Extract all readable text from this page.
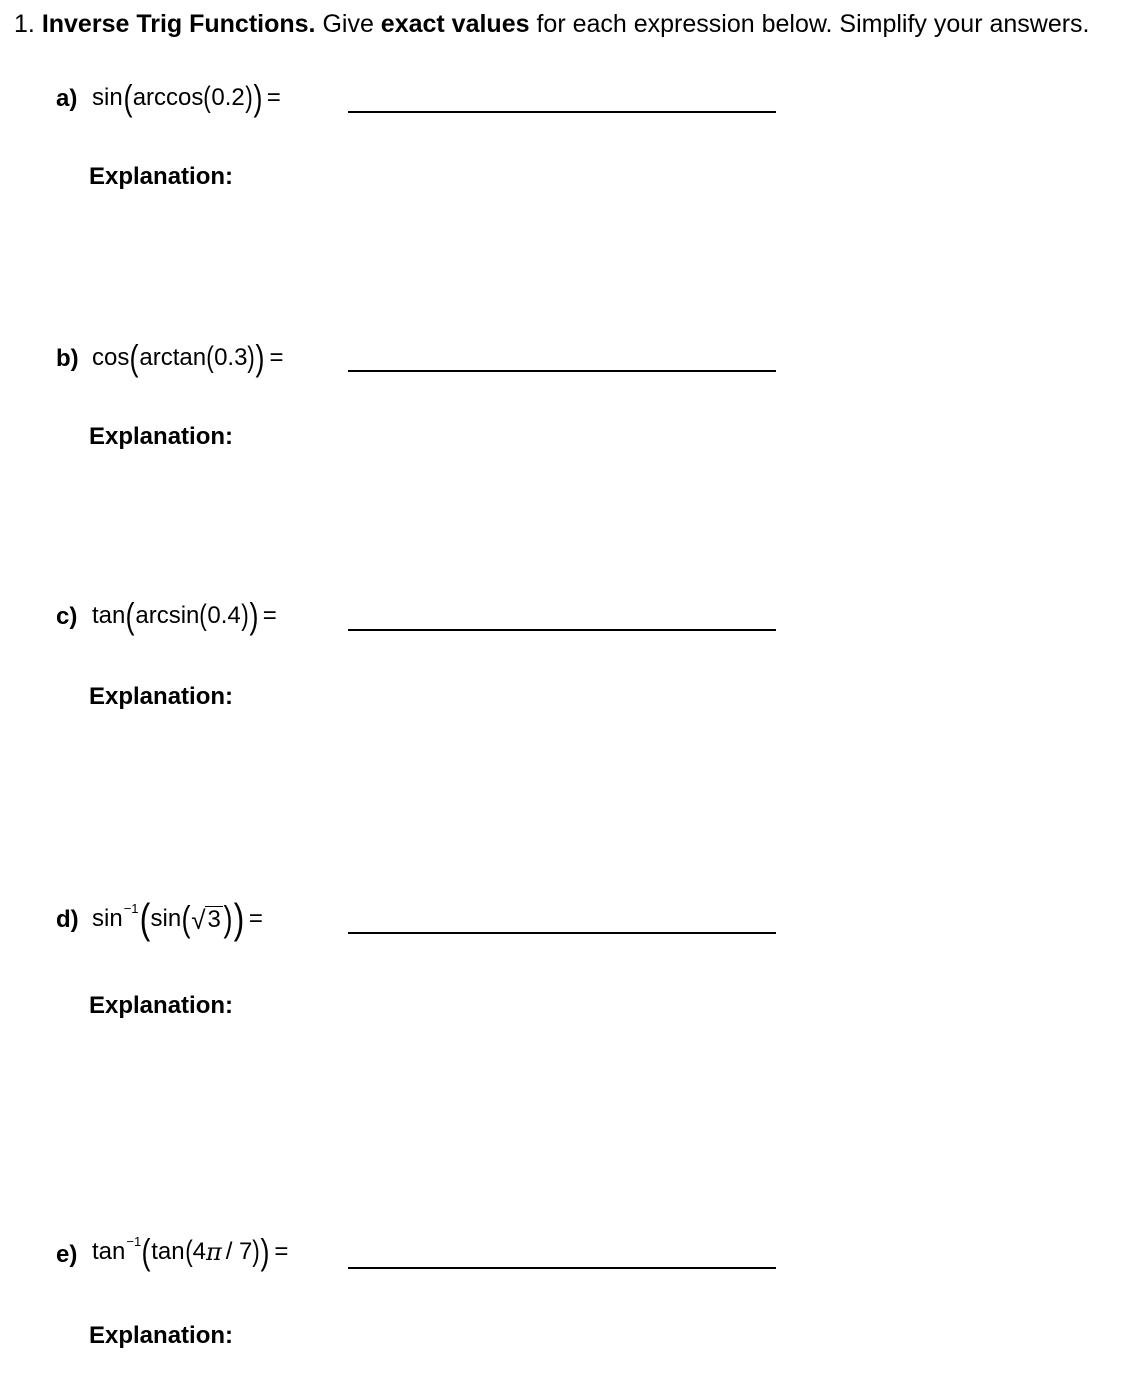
1. Inverse Trig Functions. Give exact values for each expression below. Simplify your answers.
a) sin ( arccos ( 0.2 ) ) =
Explanation:
b) cos ( arctan ( 0.3 ) ) =
Explanation:
c) tan ( arcsin ( 0.4 ) ) =
Explanation:
d) sin −1 ( sin ( √ 3 ) ) =
Explanation:
e) tan −1 ( tan ( 4 π / 7 ) ) =
Explanation:
